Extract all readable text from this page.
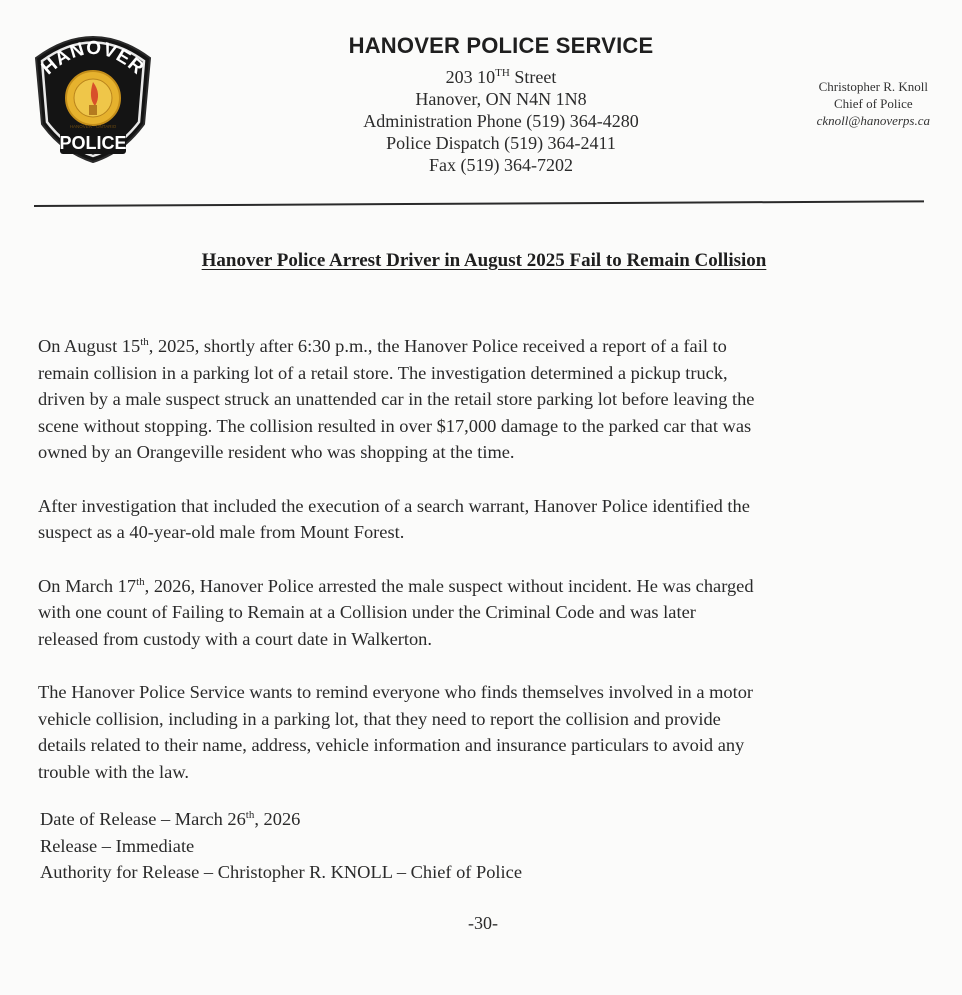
HANOVER
HANOVER · ONTARIO
POLICE
HANOVER POLICE SERVICE
203 10TH Street
Hanover, ON N4N 1N8
Administration Phone (519) 364-4280
Police Dispatch (519) 364-2411
Fax (519) 364-7202
Christopher R. Knoll
Chief of Police
cknoll@hanoverps.ca
Hanover Police Arrest Driver in August 2025 Fail to Remain Collision

On August 15th, 2025, shortly after 6:30 p.m., the Hanover Police received a report of a fail to
remain collision in a parking lot of a retail store. The investigation determined a pickup truck,
driven by a male suspect struck an unattended car in the retail store parking lot before leaving the
scene without stopping. The collision resulted in over $17,000 damage to the parked car that was
owned by an Orangeville resident who was shopping at the time.

After investigation that included the execution of a search warrant, Hanover Police identified the
suspect as a 40-year-old male from Mount Forest.

On March 17th, 2026, Hanover Police arrested the male suspect without incident. He was charged
with one count of Failing to Remain at a Collision under the Criminal Code and was later
released from custody with a court date in Walkerton.

The Hanover Police Service wants to remind everyone who finds themselves involved in a motor
vehicle collision, including in a parking lot, that they need to report the collision and provide
details related to their name, address, vehicle information and insurance particulars to avoid any
trouble with the law.

Date of Release – March 26th, 2026
Release – Immediate
Authority for Release – Christopher R. KNOLL – Chief of Police
-30-
